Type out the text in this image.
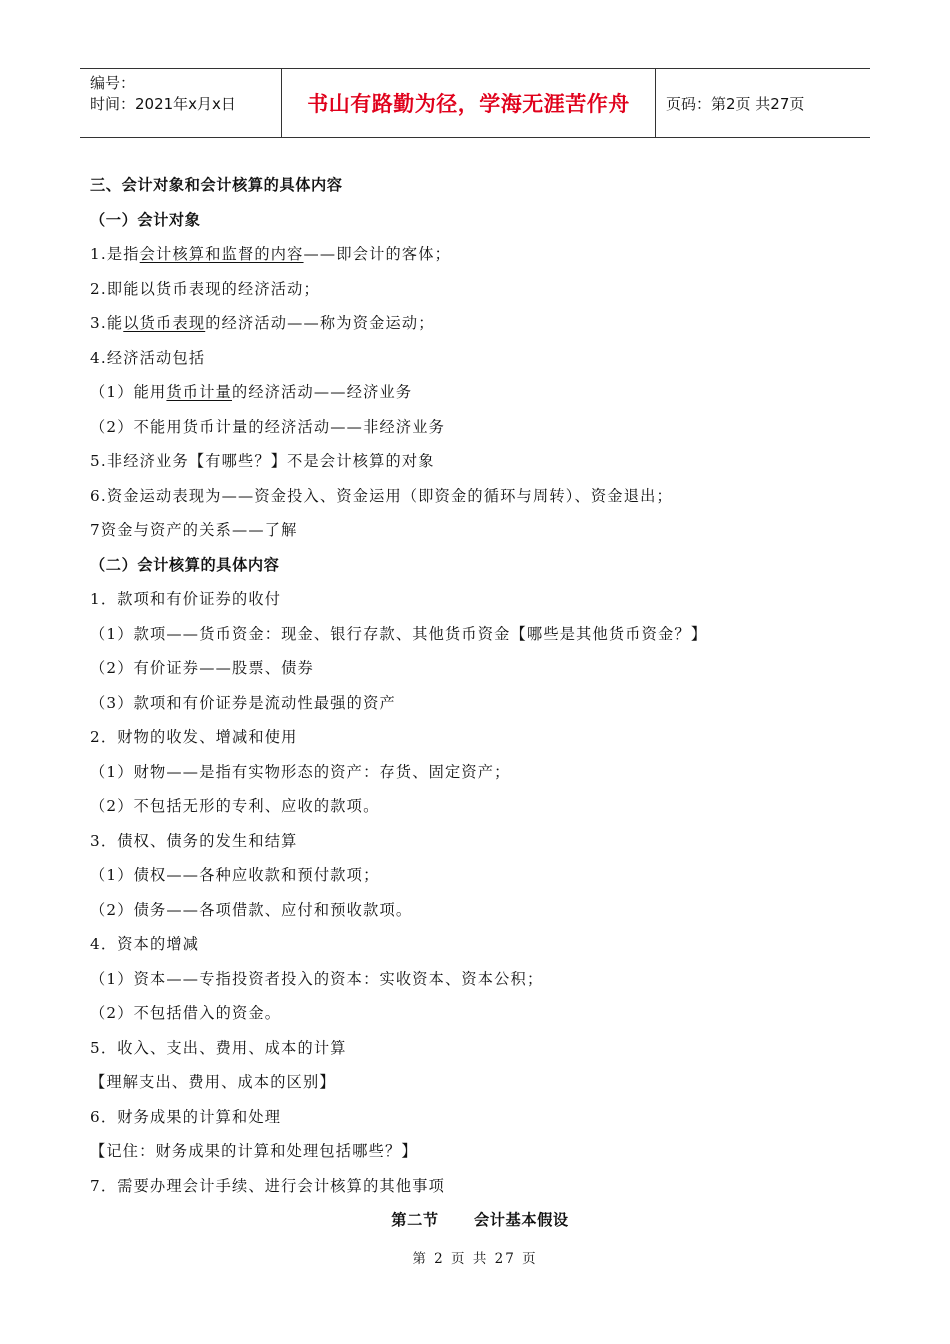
编号：
时间：2021年x月x日	书山有路勤为径，学海无涯苦作舟 页码：第2页 共27页
三、会计对象和会计核算的具体内容
（一）会计对象
1.是指会计核算和监督的内容——即会计的客体；
2.即能以货币表现的经济活动；
3.能以货币表现的经济活动——称为资金运动；
4.经济活动包括
（1）能用货币计量的经济活动——经济业务
（2）不能用货币计量的经济活动——非经济业务
5.非经济业务【有哪些？】不是会计核算的对象
6.资金运动表现为——资金投入、资金运用（即资金的循环与周转）、资金退出；
7资金与资产的关系——了解
（二）会计核算的具体内容
1．款项和有价证券的收付
（1）款项——货币资金：现金、银行存款、其他货币资金【哪些是其他货币资金？】
（2）有价证券——股票、债券
（3）款项和有价证券是流动性最强的资产
2．财物的收发、增减和使用
（1）财物——是指有实物形态的资产：存货、固定资产；
（2）不包括无形的专利、应收的款项。
3．债权、债务的发生和结算
（1）债权——各种应收款和预付款项；
（2）债务——各项借款、应付和预收款项。
4．资本的增减
（1）资本——专指投资者投入的资本：实收资本、资本公积；
（2）不包括借入的资金。
5．收入、支出、费用、成本的计算
【理解支出、费用、成本的区别】
6．财务成果的计算和处理
【记住：财务成果的计算和处理包括哪些？】
7．需要办理会计手续、进行会计核算的其他事项
第二节      会计基本假设
第 2 页 共 27 页
